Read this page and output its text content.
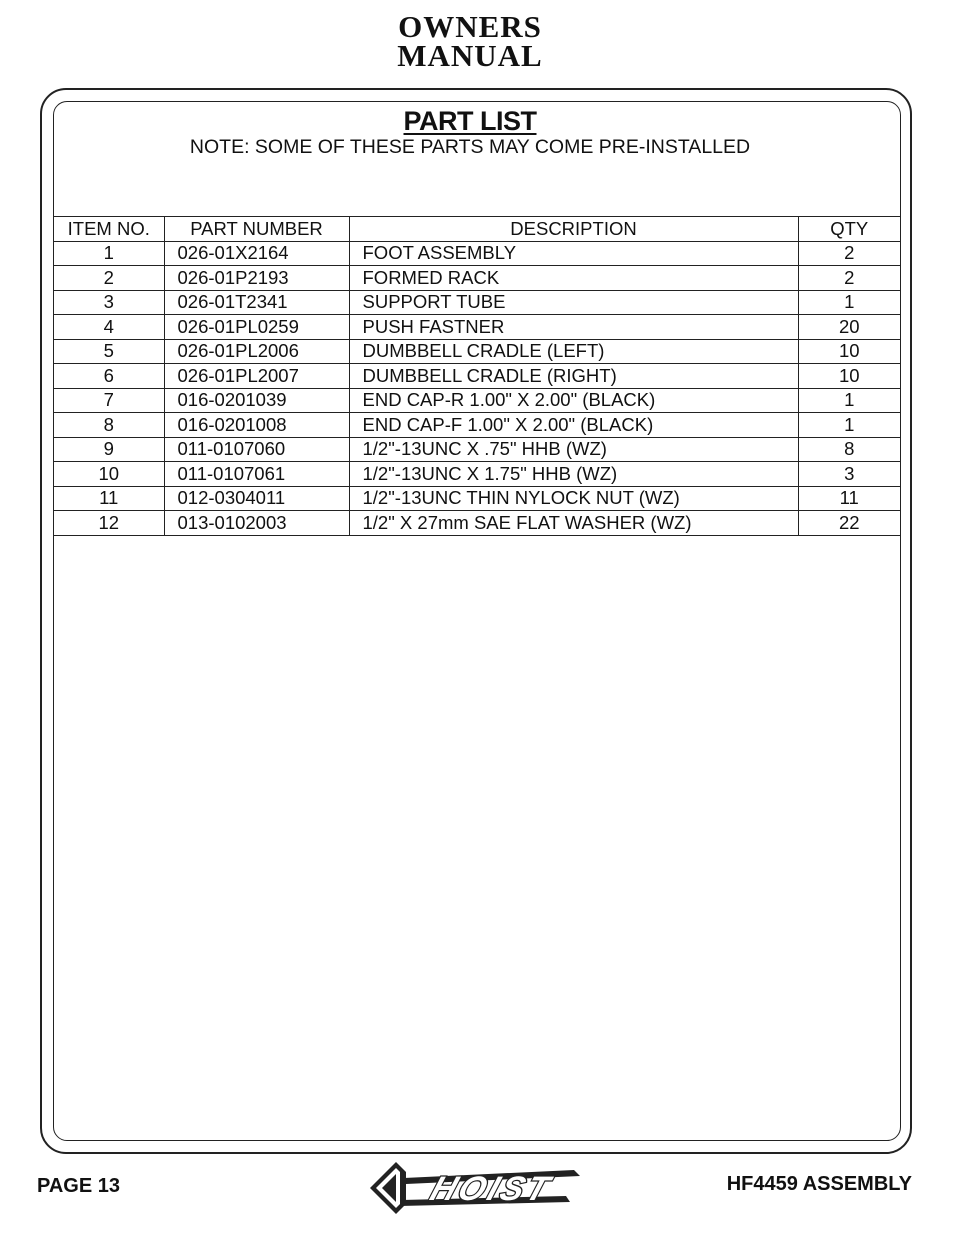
OWNERS
MANUAL
PART LIST
NOTE: SOME OF THESE PARTS MAY COME PRE-INSTALLED
ITEM NO.	PART NUMBER	DESCRIPTION	QTY
1	026-01X2164	FOOT ASSEMBLY	2
2	026-01P2193	FORMED RACK	2
3	026-01T2341	SUPPORT TUBE	1
4	026-01PL0259	PUSH FASTNER	20
5	026-01PL2006	DUMBBELL CRADLE (LEFT)	10
6	026-01PL2007	DUMBBELL CRADLE (RIGHT)	10
7	016-0201039	END CAP-R 1.00" X 2.00" (BLACK)	1
8	016-0201008	END CAP-F 1.00" X 2.00" (BLACK)	1
9	011-0107060	1/2"-13UNC X .75" HHB (WZ)	8
10	011-0107061	1/2"-13UNC X 1.75" HHB (WZ)	3
11	012-0304011	1/2"-13UNC THIN NYLOCK NUT (WZ)	11
12	013-0102003	1/2" X 27mm SAE FLAT WASHER (WZ)	22
PAGE 13	HOIST	HF4459 ASSEMBLY
